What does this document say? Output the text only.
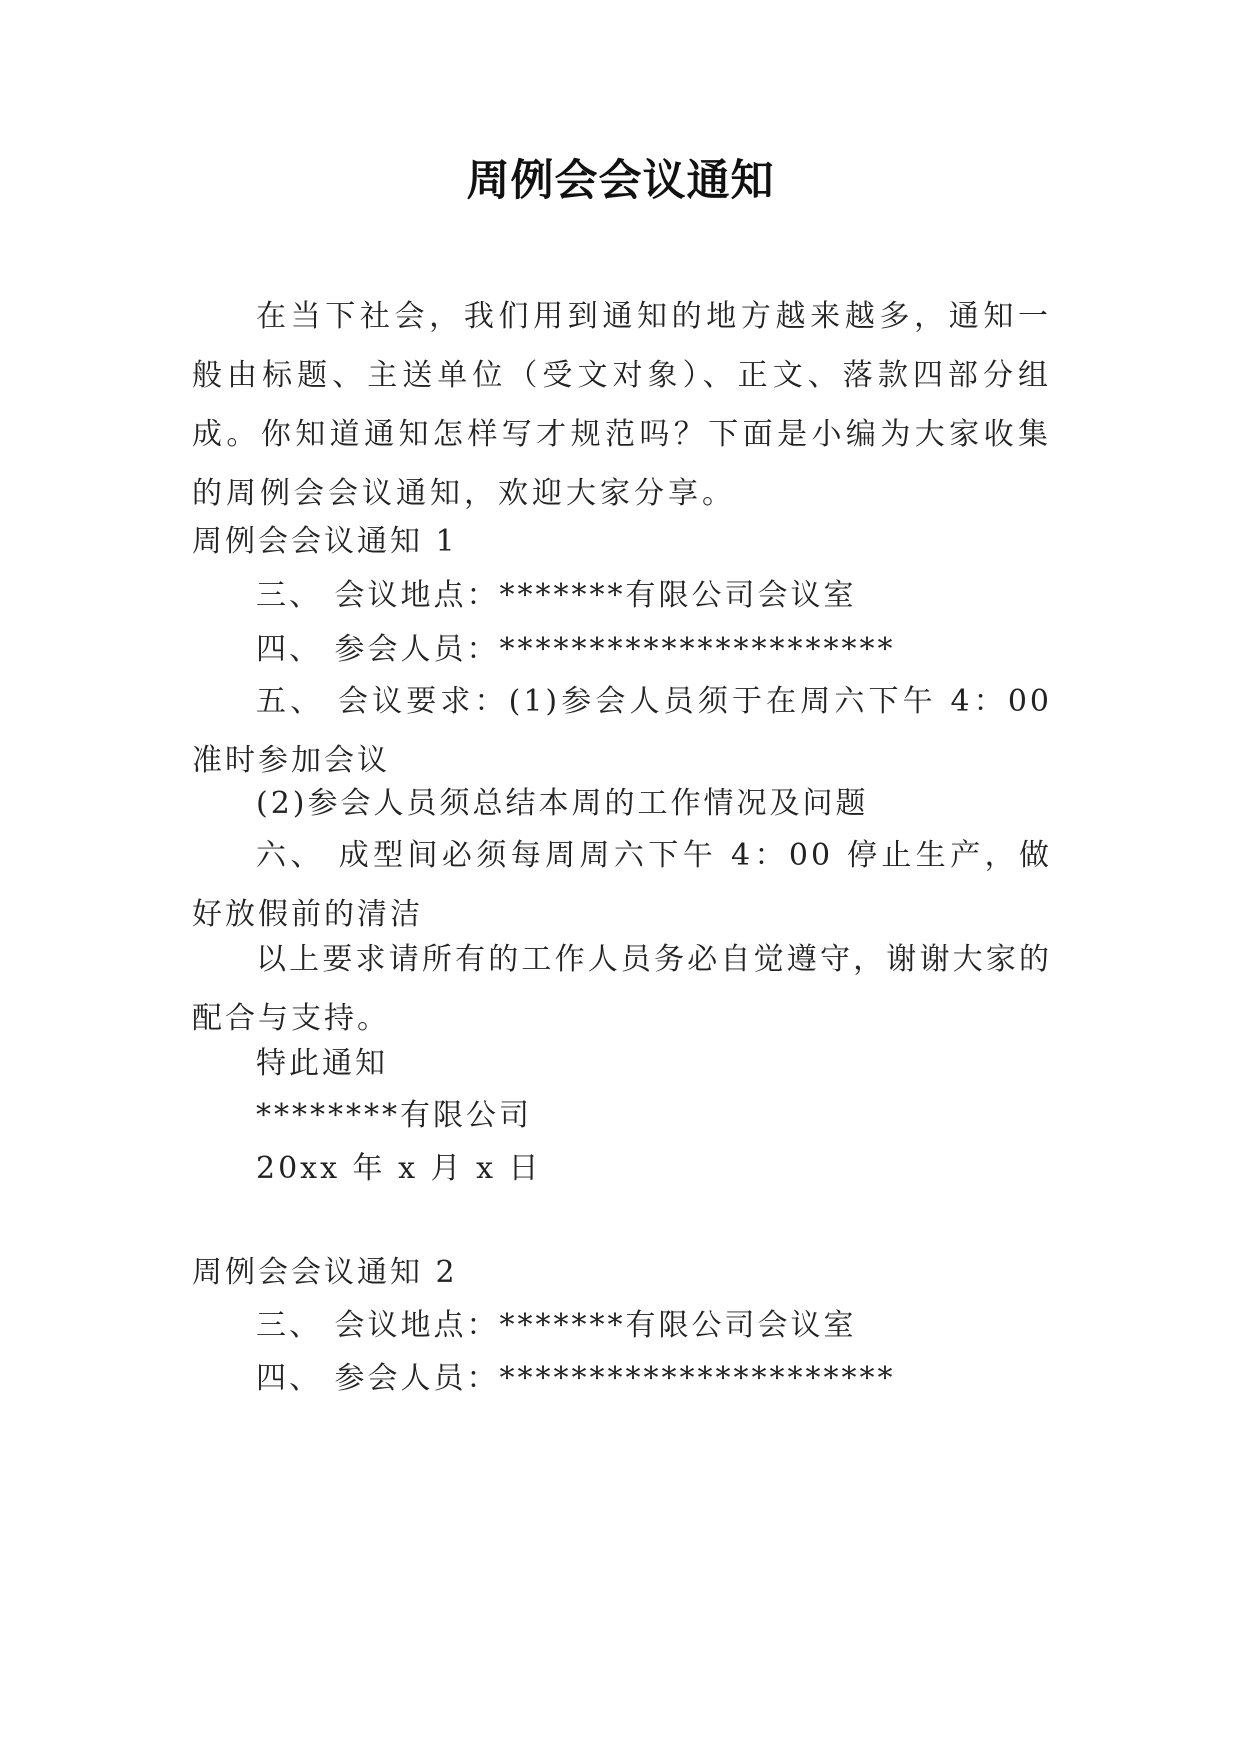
周例会会议通知

在当下社会，我们用到通知的地方越来越多，通知一般由标题、主送单位（受文对象）、正文、落款四部分组成。你知道通知怎样写才规范吗？下面是小编为大家收集的周例会会议通知，欢迎大家分享。

周例会会议通知 1
三、 会议地点：*******有限公司会议室
四、 参会人员：**********************

五、 会议要求：(1)参会人员须于在周六下午 4：00 准时参加会议

(2)参会人员须总结本周的工作情况及问题

六、 成型间必须每周周六下午 4：00 停止生产，做好放假前的清洁

以上要求请所有的工作人员务必自觉遵守，谢谢大家的配合与支持。

特此通知
********有限公司
20xx 年 x 月 x 日
周例会会议通知 2
三、 会议地点：*******有限公司会议室
四、 参会人员：**********************
